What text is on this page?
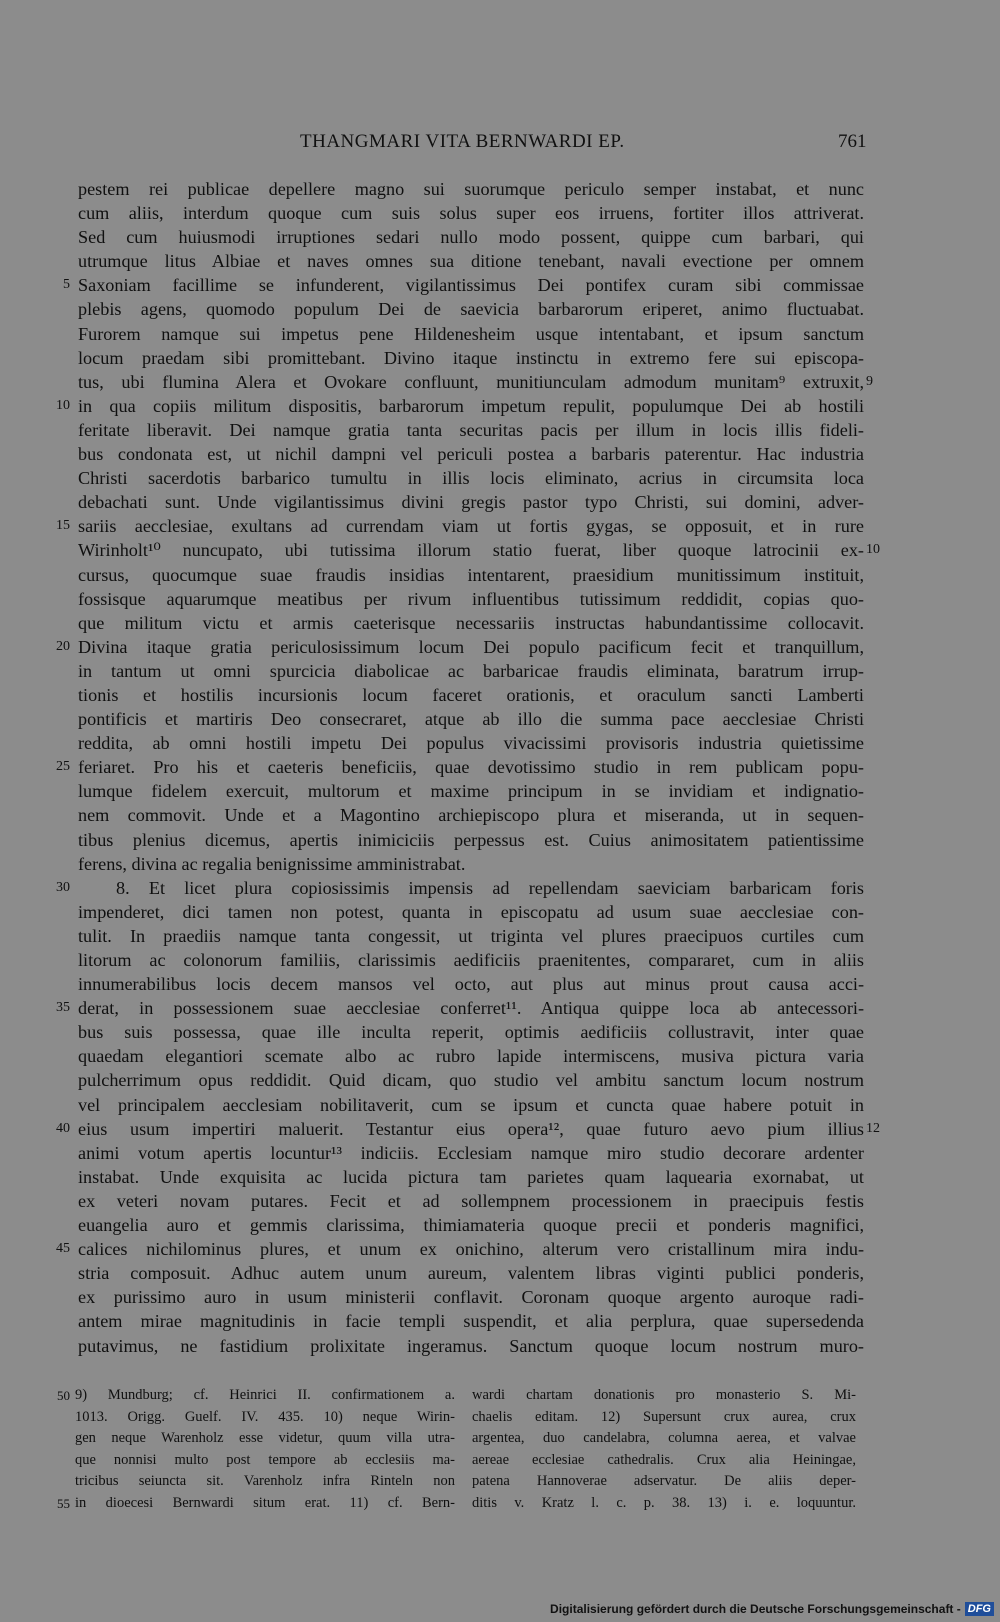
THANGMARI VITA BERNWARDI EP.	761
pestem rei publicae depellere magno sui suorumque periculo semper instabat, et nunc
cum aliis, interdum quoque cum suis solus super eos irruens, fortiter illos attriverat.
Sed cum huiusmodi irruptiones sedari nullo modo possent, quippe cum barbari, qui
utrumque litus Albiae et naves omnes sua ditione tenebant, navali evectione per omnem
5 Saxoniam facillime se infunderent, vigilantissimus Dei pontifex curam sibi commissae
plebis agens, quomodo populum Dei de saevicia barbarorum eriperet, animo fluctuabat.
Furorem namque sui impetus pene Hildenesheim usque intentabant, et ipsum sanctum
locum praedam sibi promittebant. Divino itaque instinctu in extremo fere sui episcopa-
tus, ubi flumina Alera et Ovokare confluunt, munitiunculam admodum munitam⁹ extruxit, 9
10 in qua copiis militum dispositis, barbarorum impetum repulit, populumque Dei ab hostili
feritate liberavit. Dei namque gratia tanta securitas pacis per illum in locis illis fideli-
bus condonata est, ut nichil dampni vel periculi postea a barbaris paterentur. Hac industria
Christi sacerdotis barbarico tumultu in illis locis eliminato, acrius in circumsita loca
debachati sunt. Unde vigilantissimus divini gregis pastor typo Christi, sui domini, adver-
15 sariis aecclesiae, exultans ad currendam viam ut fortis gygas, se opposuit, et in rure
Wirinholt¹⁰ nuncupato, ubi tutissima illorum statio fuerat, liber quoque latrocinii ex- 10
cursus, quocumque suae fraudis insidias intentarent, praesidium munitissimum instituit,
fossisque aquarumque meatibus per rivum influentibus tutissimum reddidit, copias quo-
que militum victu et armis caeterisque necessariis instructas habundantissime collocavit.
20 Divina itaque gratia periculosissimum locum Dei populo pacificum fecit et tranquillum,
in tantum ut omni spurcicia diabolicae ac barbaricae fraudis eliminata, baratrum irrup-
tionis et hostilis incursionis locum faceret orationis, et oraculum sancti Lamberti
pontificis et martiris Deo consecraret, atque ab illo die summa pace aecclesiae Christi
reddita, ab omni hostili impetu Dei populus vivacissimi provisoris industria quietissime
25 feriaret. Pro his et caeteris beneficiis, quae devotissimo studio in rem publicam popu-
lumque fidelem exercuit, multorum et maxime principum in se invidiam et indignatio-
nem commovit. Unde et a Magontino archiepiscopo plura et miseranda, ut in sequen-
tibus plenius dicemus, apertis inimiciciis perpessus est. Cuius animositatem patientissime
ferens, divina ac regalia benignissime amministrabat.
30	8. Et licet plura copiosissimis impensis ad repellendam saeviciam barbaricam foris
impenderet, dici tamen non potest, quanta in episcopatu ad usum suae aecclesiae con-
tulit. In praediis namque tanta congessit, ut triginta vel plures praecipuos curtiles cum
litorum ac colonorum familiis, clarissimis aedificiis praenitentes, compararet, cum in aliis
innumerabilibus locis decem mansos vel octo, aut plus aut minus prout causa acci-
35 derat, in possessionem suae aecclesiae conferret¹¹. Antiqua quippe loca ab antecessori-
bus suis possessa, quae ille inculta reperit, optimis aedificiis collustravit, inter quae
quaedam elegantiori scemate albo ac rubro lapide intermiscens, musiva pictura varia
pulcherrimum opus reddidit. Quid dicam, quo studio vel ambitu sanctum locum nostrum
vel principalem aecclesiam nobilitaverit, cum se ipsum et cuncta quae habere potuit in
40 eius usum impertiri maluerit. Testantur eius opera¹², quae futuro aevo pium illius 12
animi votum apertis locuntur¹³ indiciis. Ecclesiam namque miro studio decorare ardenter
instabat. Unde exquisita ac lucida pictura tam parietes quam laquearia exornabat, ut
ex veteri novam putares. Fecit et ad sollempnem processionem in praecipuis festis
euangelia auro et gemmis clarissima, thimiamateria quoque precii et ponderis magnifici,
45 calices nichilominus plures, et unum ex onichino, alterum vero cristallinum mira indu-
stria composuit. Adhuc autem unum aureum, valentem libras viginti publici ponderis,
ex purissimo auro in usum ministerii conflavit. Coronam quoque argento auroque radi-
antem mirae magnitudinis in facie templi suspendit, et alia perplura, quae supersedenda
putavimus, ne fastidium prolixitate ingeramus. Sanctum quoque locum nostrum muro-
50 9) Mundburg; cf. Heinrici II. confirmationem a. wardi chartam donationis pro monasterio S. Mi-
1013. Origg. Guelf. IV. 435. 10) neque Wirin- chaelis editam. 12) Supersunt crux aurea, crux
gen neque Warenholz esse videtur, quum villa utra- argentea, duo candelabra, columna aerea, et valvae
que nonnisi multo post tempore ab ecclesiis ma- aereae ecclesiae cathedralis. Crux alia Heiningae,
tricibus seiuncta sit. Varenholz infra Rinteln non patena Hannoverae adservatur. De aliis deper-
55 in dioecesi Bernwardi situm erat. 11) cf. Bern- ditis v. Kratz l. c. p. 38. 13) i. e. loquuntur.
Digitalisierung gefördert durch die Deutsche Forschungsgemeinschaft - DFG
